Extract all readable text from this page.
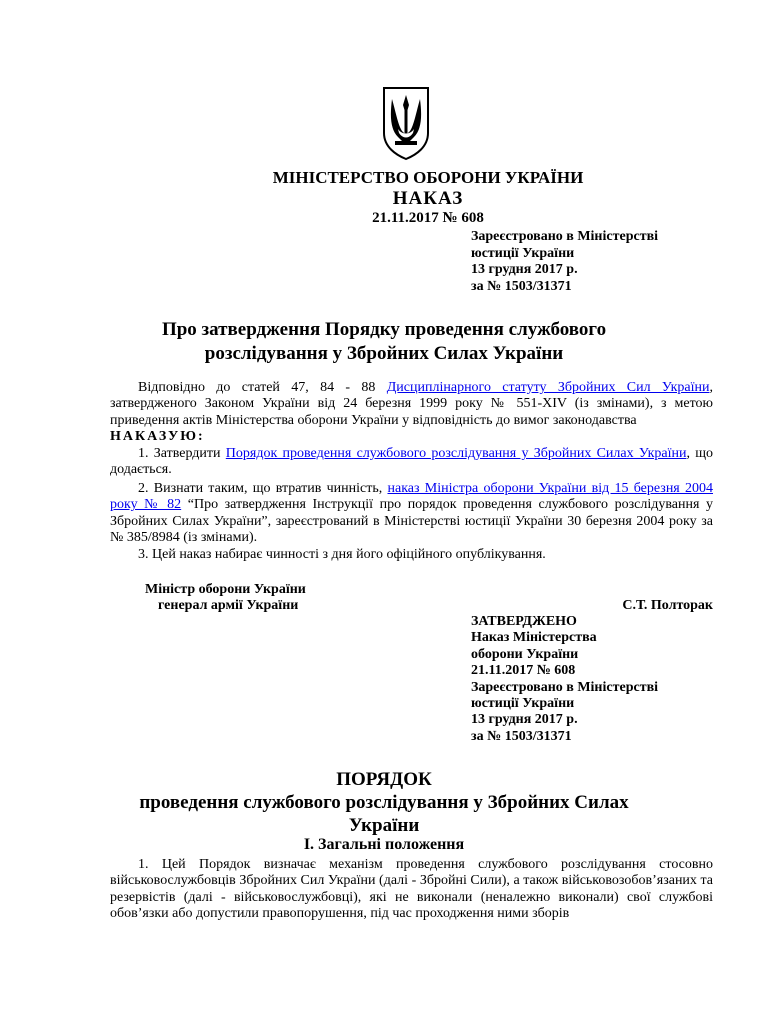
МІНІСТЕРСТВО ОБОРОНИ УКРАЇНИ
НАКАЗ
21.11.2017 № 608
Зареєстровано в Міністерстві
юстиції України
13 грудня 2017 р.
за № 1503/31371
Про затвердження Порядку проведення службового
розслідування у Збройних Силах України
Відповідно до статей 47, 84 - 88 Дисциплінарного статуту Збройних Сил України, затвердженого Законом України від 24 березня 1999 року № 551-XIV (із змінами), з метою приведення актів Міністерства оборони України у відповідність до вимог законодавства
НАКАЗУЮ:
1. Затвердити Порядок проведення службового розслідування у Збройних Силах України, що додається.
2. Визнати таким, що втратив чинність, наказ Міністра оборони України від 15 березня 2004 року № 82 “Про затвердження Інструкції про порядок проведення службового розслідування у Збройних Силах України”, зареєстрований в Міністерстві юстиції України 30 березня 2004 року за № 385/8984 (із змінами).
3. Цей наказ набирає чинності з дня його офіційного опублікування.
Міністр оборони України
генерал армії України	С.Т. Полторак
ЗАТВЕРДЖЕНО
Наказ Міністерства
оборони України
21.11.2017 № 608
Зареєстровано в Міністерстві
юстиції України
13 грудня 2017 р.
за № 1503/31371
ПОРЯДОК
проведення службового розслідування у Збройних Силах
України
І. Загальні положення
1. Цей Порядок визначає механізм проведення службового розслідування стосовно військовослужбовців Збройних Сил України (далі - Збройні Сили), а також військовозобов’язаних та резервістів (далі - військовослужбовці), які не виконали (неналежно виконали) свої службові обов’язки або допустили правопорушення, під час проходження ними зборів
